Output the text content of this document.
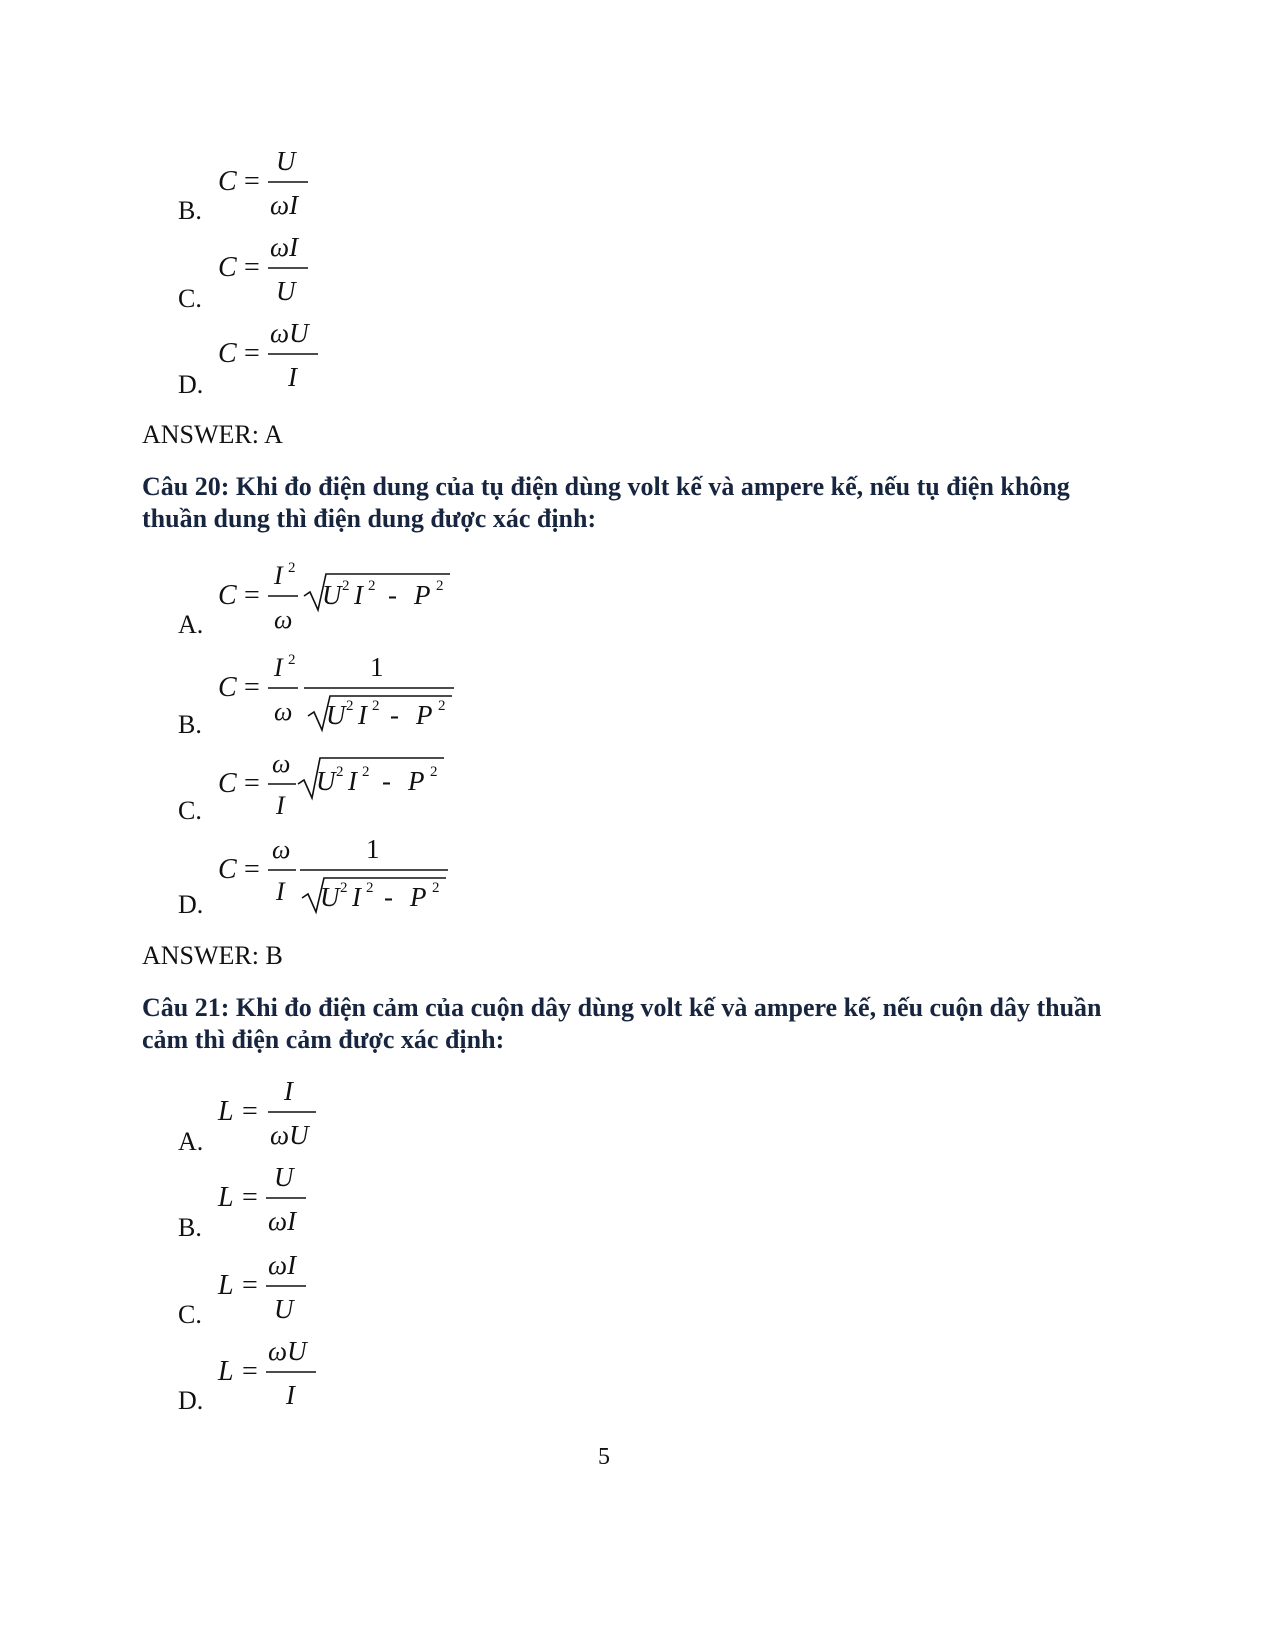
B.
C =
U
ωI
C.
C =
ωI
U
D.
C =
ωU
I
ANSWER: A
Câu 20: Khi đo điện dung của tụ điện dùng volt kế và ampere kế, nếu tụ điện không thuần dung thì điện dung được xác định:
A.
C =
I 2
ω
U 2 I 2 - P 2
B.
C =
I 2
ω
1
U 2 I 2 - P 2
C.
C =
ω
I
U 2 I 2 - P 2
D.
C =
ω
I
1
U 2 I 2 - P 2
ANSWER: B
Câu 21: Khi đo điện cảm của cuộn dây dùng volt kế và ampere kế, nếu cuộn dây thuần cảm thì điện cảm được xác định:
A.
L =
I
ωU
B.
L =
U
ωI
C.
L =
ωI
U
D.
L =
ωU
I
5
